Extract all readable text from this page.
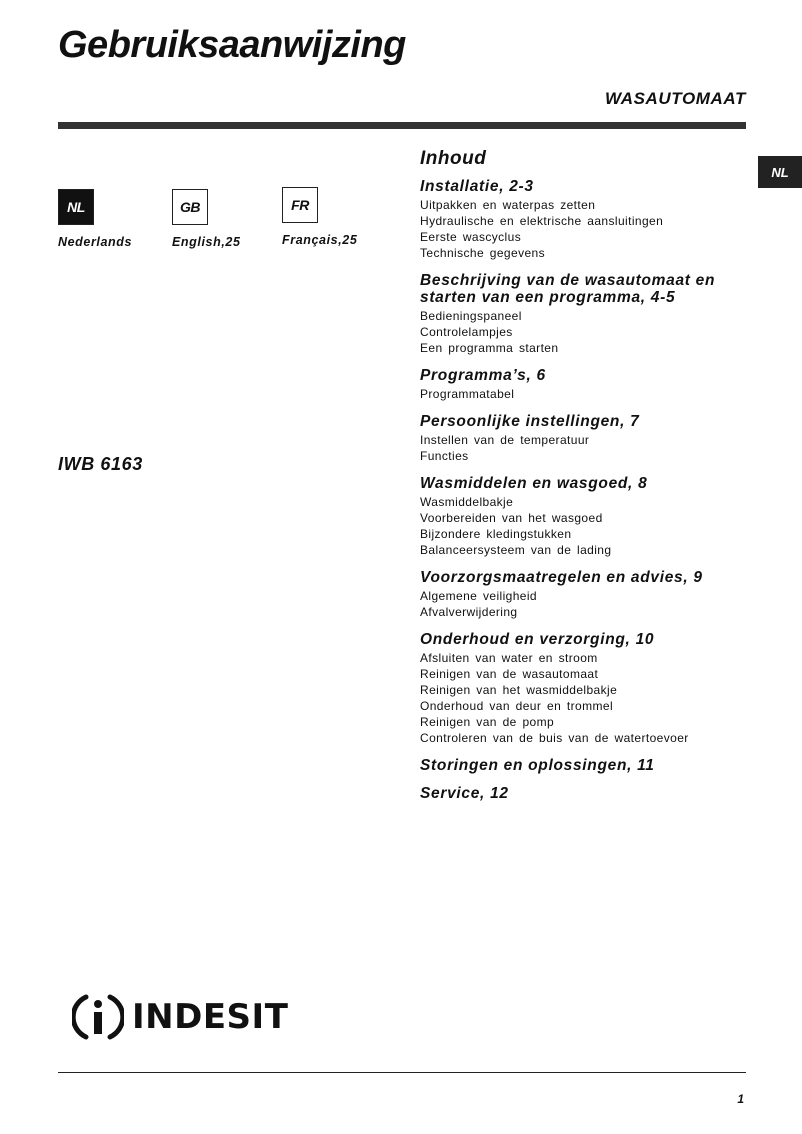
Gebruiksaanwijzing
WASAUTOMAAT
NL
NL
Nederlands
GB
English,25
FR
Français,25
IWB 6163
Inhoud
Installatie, 2-3
Uitpakken en waterpas zetten
Hydraulische en elektrische aansluitingen
Eerste wascyclus
Technische gegevens
Beschrijving van de wasautomaat en starten van een programma, 4-5
Bedieningspaneel
Controlelampjes
Een programma starten
Programma’s, 6
Programmatabel
Persoonlijke instellingen, 7
Instellen van de temperatuur
Functies
Wasmiddelen en wasgoed, 8
Wasmiddelbakje
Voorbereiden van het wasgoed
Bijzondere kledingstukken
Balanceersysteem van de lading
Voorzorgsmaatregelen en advies, 9
Algemene veiligheid
Afvalverwijdering
Onderhoud en verzorging, 10
Afsluiten van water en stroom
Reinigen van de wasautomaat
Reinigen van het wasmiddelbakje
Onderhoud van deur en trommel
Reinigen van de pomp
Controleren van de buis van de watertoevoer
Storingen en oplossingen, 11
Service, 12
INDESIT
1
